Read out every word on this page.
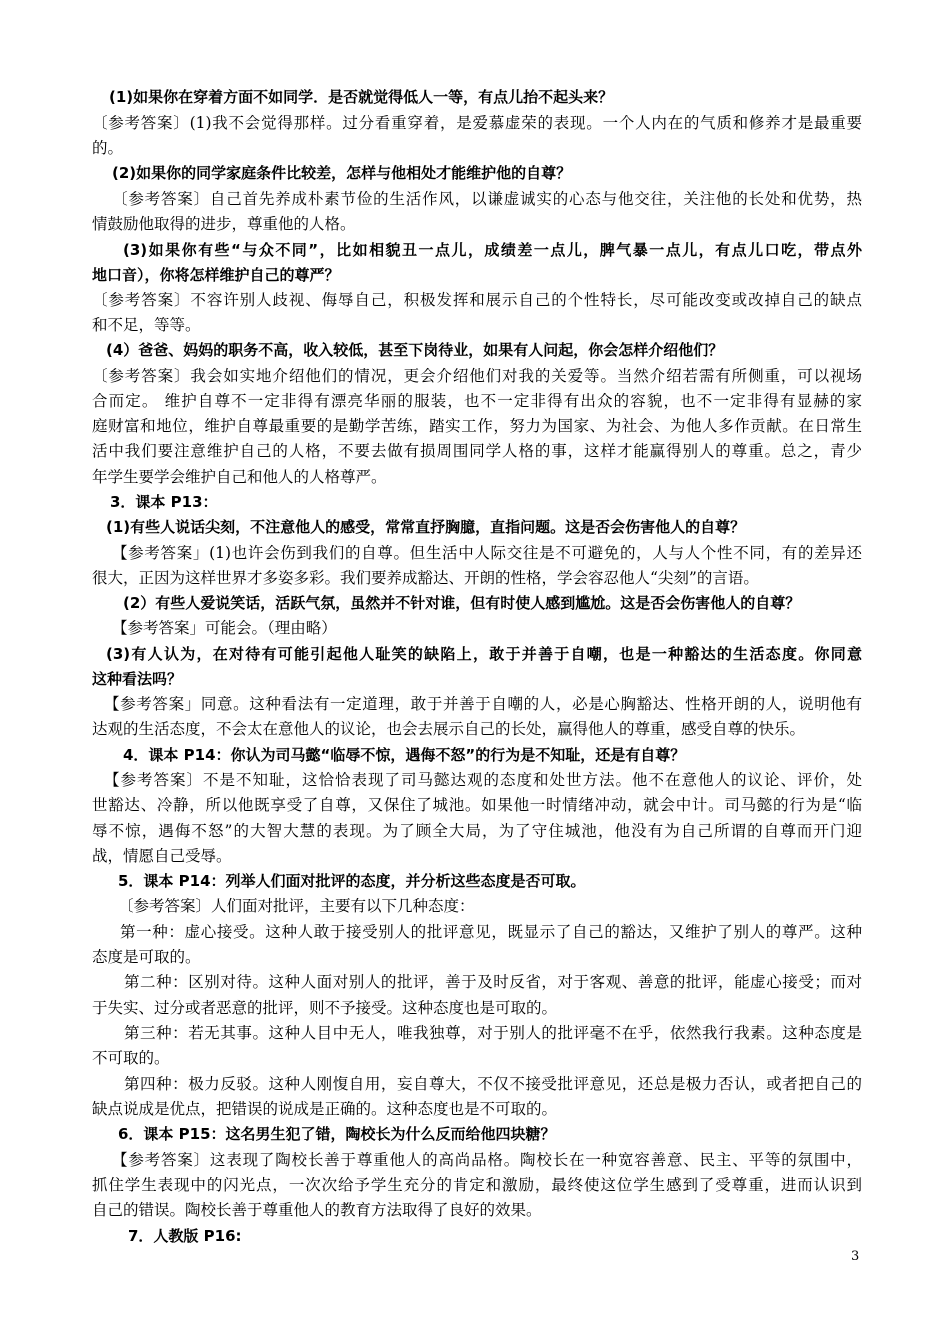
(1)如果你在穿着方面不如同学．是否就觉得低人一等，有点儿抬不起头来？
〔参考答案〕(1)我不会觉得那样。过分看重穿着，是爱慕虚荣的表现。一个人内在的气质和修养才是最重要
的。
(2)如果你的同学家庭条件比较差，怎样与他相处才能维护他的自尊？
〔参考答案〕自己首先养成朴素节俭的生活作风，以谦虚诚实的心态与他交往，关注他的长处和优势，热
情鼓励他取得的进步，尊重他的人格。
(3)如果你有些“与众不同”，比如相貌丑一点儿，成绩差一点儿，脾气暴一点儿，有点儿口吃，带点外
地口音），你将怎样维护自己的尊严？
〔参考答案〕不容许别人歧视、侮辱自己，积极发挥和展示自己的个性特长，尽可能改变或改掉自己的缺点
和不足，等等。
(4）爸爸、妈妈的职务不高，收入较低，甚至下岗待业，如果有人问起，你会怎样介绍他们？
〔参考答案〕我会如实地介绍他们的情况，更会介绍他们对我的关爱等。当然介绍若需有所侧重，可以视场
合而定。 维护自尊不一定非得有漂亮华丽的服装，也不一定非得有出众的容貌，也不一定非得有显赫的家
庭财富和地位，维护自尊最重要的是勤学苦练，踏实工作，努力为国家、为社会、为他人多作贡献。在日常生
活中我们要注意维护自己的人格，不要去做有损周围同学人格的事，这样才能赢得别人的尊重。总之，青少
年学生要学会维护自己和他人的人格尊严。
3．课本 P13：
(1)有些人说话尖刻，不注意他人的感受，常常直抒胸臆，直指问题。这是否会伤害他人的自尊？
【参考答案」(1)也许会伤到我们的自尊。但生活中人际交往是不可避免的，人与人个性不同，有的差异还
很大，正因为这样世界才多姿多彩。我们要养成豁达、开朗的性格，学会容忍他人“尖刻”的言语。
(2）有些人爱说笑话，活跃气氛，虽然并不针对谁，但有时使人感到尴尬。这是否会伤害他人的自尊？
【参考答案」可能会。（理由略）
(3)有人认为，在对待有可能引起他人耻笑的缺陷上，敢于并善于自嘲，也是一种豁达的生活态度。你同意
这种看法吗？
【参考答案」同意。这种看法有一定道理，敢于并善于自嘲的人，必是心胸豁达、性格开朗的人，说明他有
达观的生活态度，不会太在意他人的议论，也会去展示自己的长处，赢得他人的尊重，感受自尊的快乐。
4．课本 P14：你认为司马懿“临辱不惊，遇侮不怒”的行为是不知耻，还是有自尊？
【参考答案〕不是不知耻，这恰恰表现了司马懿达观的态度和处世方法。他不在意他人的议论、评价，处
世豁达、冷静，所以他既享受了自尊，又保住了城池。如果他一时情绪冲动，就会中计。司马懿的行为是“临
辱不惊，遇侮不怒”的大智大慧的表现。为了顾全大局，为了守住城池，他没有为自己所谓的自尊而开门迎
战，情愿自己受辱。
5．课本 P14：列举人们面对批评的态度，并分析这些态度是否可取。
〔参考答案〕人们面对批评，主要有以下几种态度：
第一种：虚心接受。这种人敢于接受别人的批评意见，既显示了自己的豁达，又维护了别人的尊严。这种
态度是可取的。
第二种：区别对待。这种人面对别人的批评，善于及时反省，对于客观、善意的批评，能虚心接受；而对
于失实、过分或者恶意的批评，则不予接受。这种态度也是可取的。
第三种：若无其事。这种人目中无人，唯我独尊，对于别人的批评毫不在乎，依然我行我素。这种态度是
不可取的。
第四种：极力反驳。这种人刚愎自用，妄自尊大，不仅不接受批评意见，还总是极力否认，或者把自己的
缺点说成是优点，把错误的说成是正确的。这种态度也是不可取的。
6．课本 P15：这名男生犯了错，陶校长为什么反而给他四块糖？
【参考答案〕这表现了陶校长善于尊重他人的高尚品格。陶校长在一种宽容善意、民主、平等的氛围中，
抓住学生表现中的闪光点，一次次给予学生充分的肯定和激励，最终使这位学生感到了受尊重，进而认识到
自己的错误。陶校长善于尊重他人的教育方法取得了良好的效果。
7．人教版 P16:
3
